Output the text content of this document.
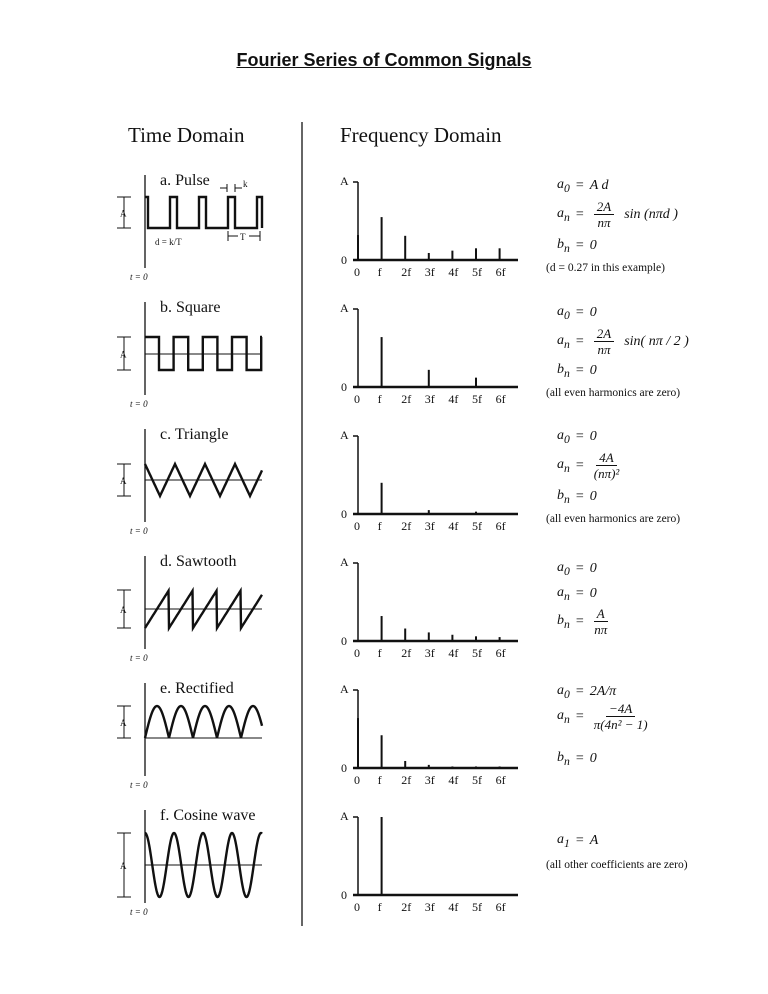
Fourier Series of Common Signals
Time Domain	Frequency Domain
a. Pulse
t = 0
A
k
T
d = k/T
A
0
0 f 2f 3f 4f 5f 6f
b. Square
t = 0
A
A
0
0 f 2f 3f 4f 5f 6f
c. Triangle
t = 0
A
A
0
0 f 2f 3f 4f 5f 6f
d. Sawtooth
t = 0
A
A
0
0 f 2f 3f 4f 5f 6f
e. Rectified
t = 0
A
A
0
0 f 2f 3f 4f 5f 6f
f. Cosine wave
t = 0
A
A
0
0 f 2f 3f 4f 5f 6f
$a_0 = A$ d
$a_n = \frac{2A}{n\pi}$ sin (nπd )
$b_n = 0$
(d = 0.27 in this example)
$a_0 = 0$
$a_n = \frac{2A}{n\pi} \sin$( nπ / 2 )
$b_n = 0$
(all even harmonics are zero)
$a_0 = 0$
$a_n = \frac{4A}{\text{(nπ)²}}$
$b_n = 0$
(all even harmonics are zero)
$a_0 = 0$
$a_n = 0$
$b_n = \frac{A}{n\pi}$
$a_0 = 2A/\pi$
$a_n = \frac{-4A}{\text{π(4n² − 1)}}$
$b_n = 0$
$a_1 = A$
(all other coefficients are zero)
